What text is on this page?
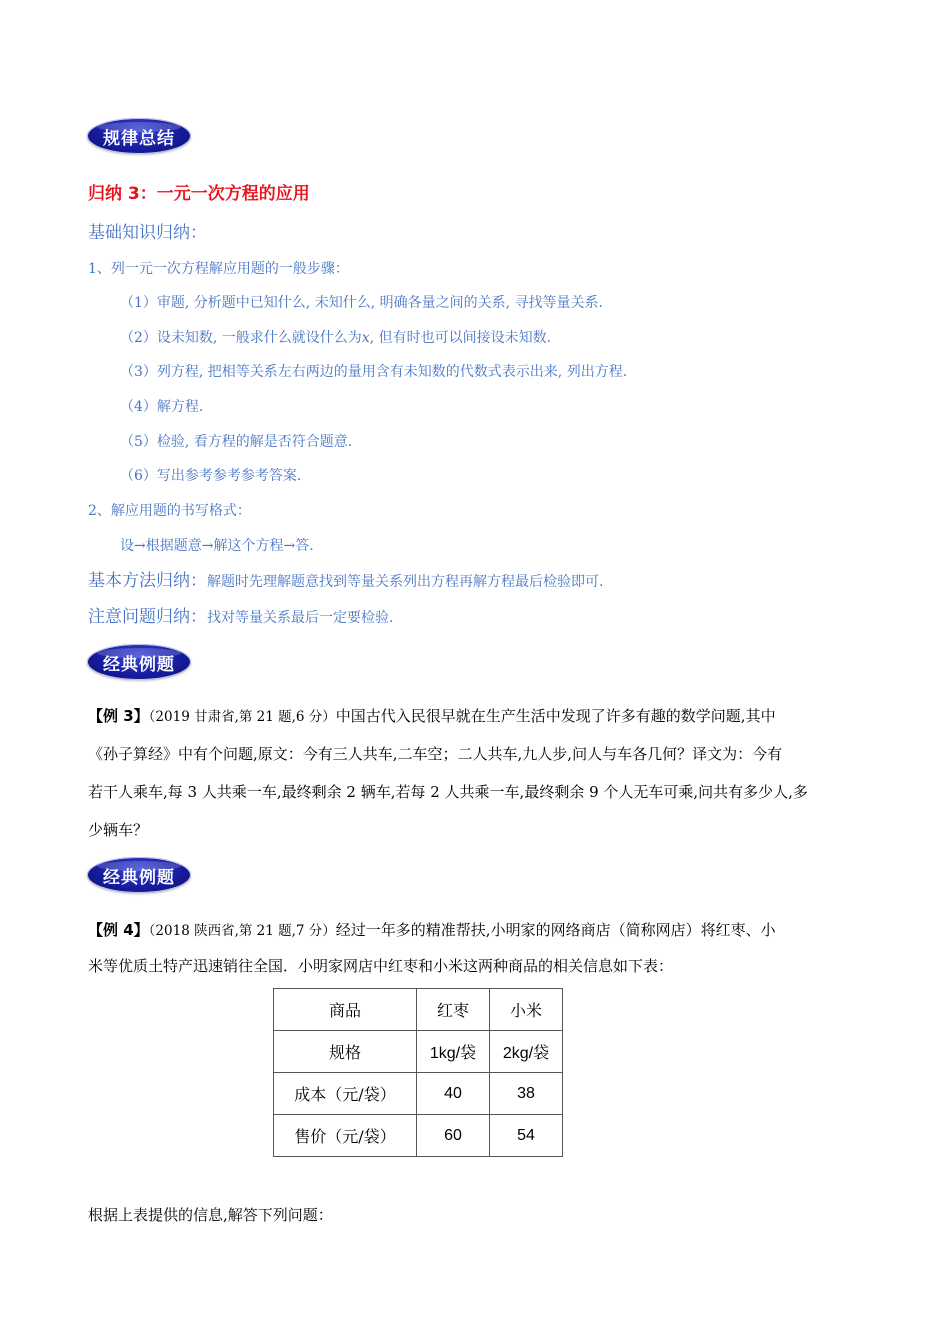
规律总结
归纳 3：一元一次方程的应用
基础知识归纳：
1、列一元一次方程解应用题的一般步骤：
（1）审题, 分析题中已知什么, 未知什么, 明确各量之间的关系, 寻找等量关系.
（2）设未知数, 一般求什么就设什么为x, 但有时也可以间接设未知数.
（3）列方程, 把相等关系左右两边的量用含有未知数的代数式表示出来, 列出方程.
（4）解方程.
（5）检验, 看方程的解是否符合题意.
（6）写出参考参考参考答案.
2、解应用题的书写格式：
设→根据题意→解这个方程→答.
基本方法归纳：解题时先理解题意找到等量关系列出方程再解方程最后检验即可.
注意问题归纳：找对等量关系最后一定要检验.
经典例题
【例 3】（2019 甘肃省,第 21 题,6 分）中国古代入民很早就在生产生活中发现了许多有趣的数学问题,其中
《孙子算经》中有个问题,原文：今有三人共车,二车空；二人共车,九人步,问人与车各几何？译文为：今有
若干人乘车,每 3 人共乘一车,最终剩余 2 辆车,若每 2 人共乘一车,最终剩余 9 个人无车可乘,问共有多少人,多
少辆车？
经典例题
【例 4】（2018 陕西省,第 21 题,7 分）经过一年多的精准帮扶,小明家的网络商店（简称网店）将红枣、小
米等优质土特产迅速销往全国．小明家网店中红枣和小米这两种商品的相关信息如下表：
商品	红枣	小米
规格	1kg/袋	2kg/袋
成本（元/袋）	40	38
售价（元/袋）	60	54
根据上表提供的信息,解答下列问题：
